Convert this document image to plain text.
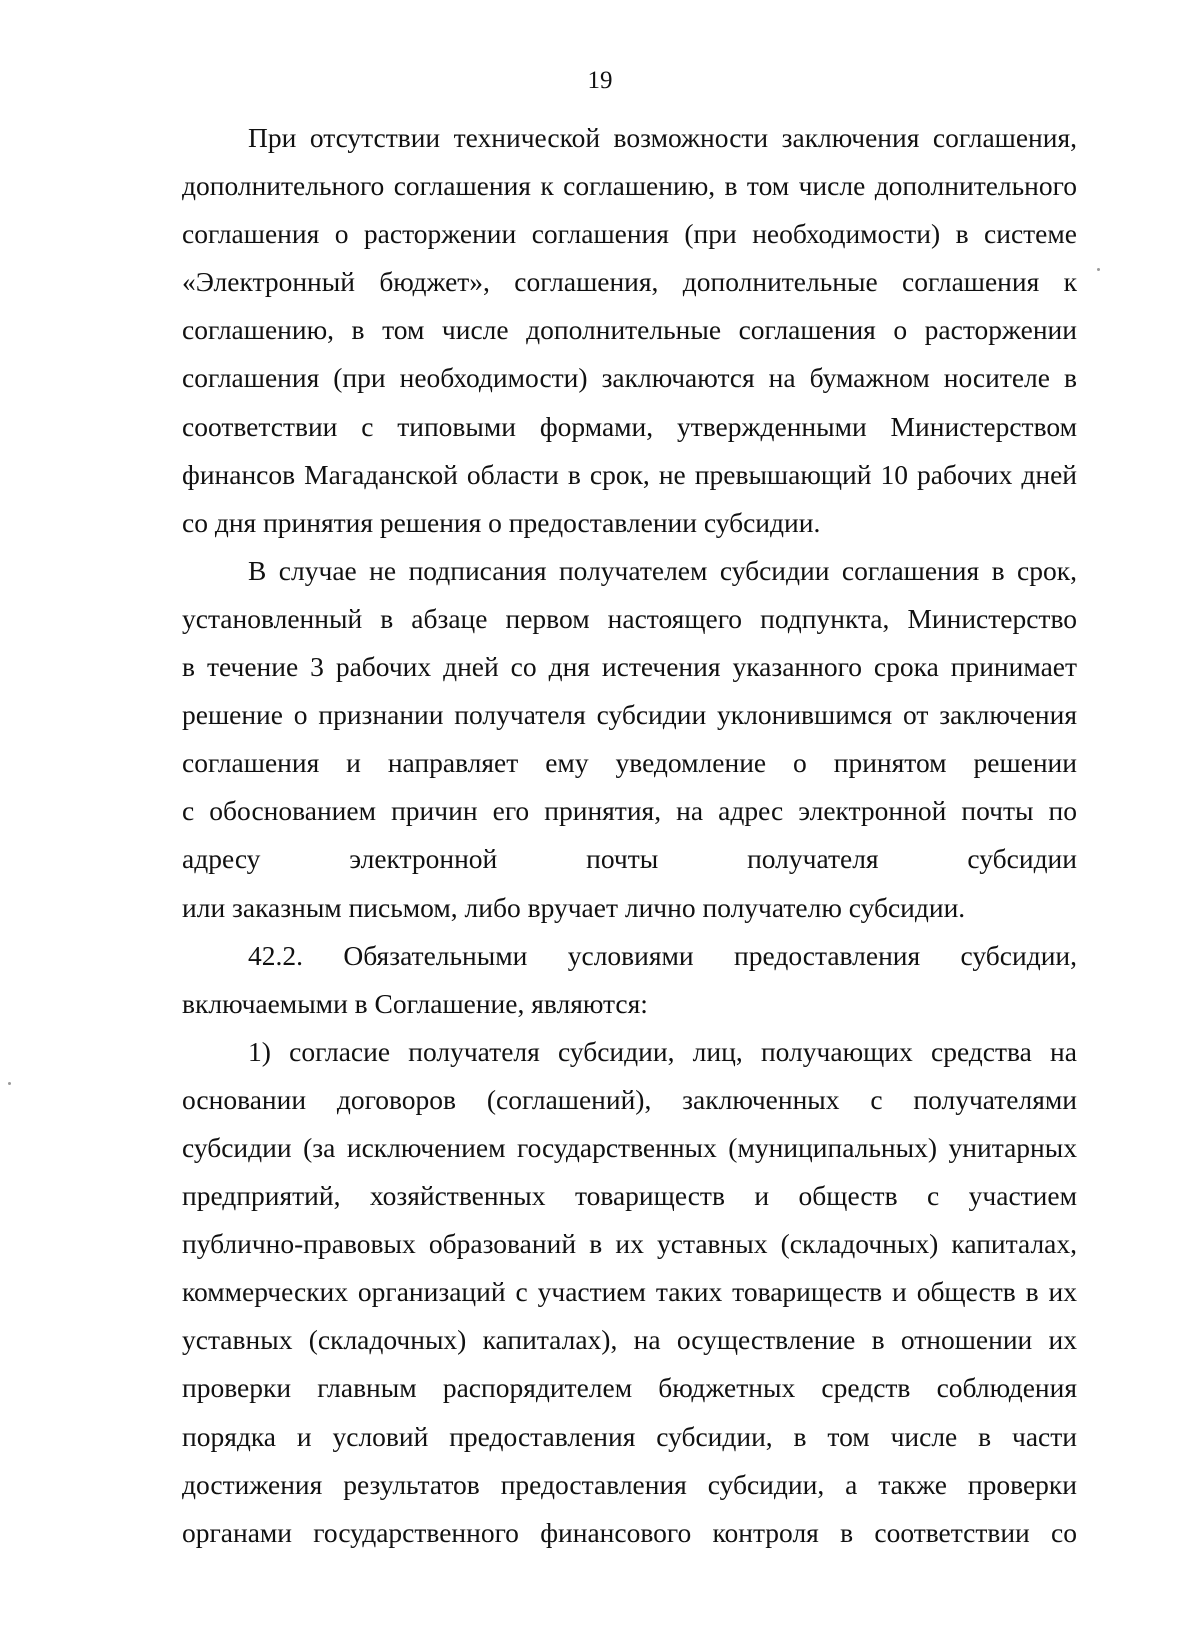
19
При отсутствии технической возможности заключения соглашения,
дополнительного соглашения к соглашению, в том числе дополнительного
соглашения о расторжении соглашения (при необходимости) в системе
«Электронный бюджет», соглашения, дополнительные соглашения к
соглашению, в том числе дополнительные соглашения о расторжении
соглашения (при необходимости) заключаются на бумажном носителе в
соответствии с типовыми формами, утвержденными Министерством
финансов Магаданской области в срок, не превышающий 10 рабочих дней
со дня принятия решения о предоставлении субсидии.
В случае не подписания получателем субсидии соглашения в срок,
установленный в абзаце первом настоящего подпункта, Министерство
в течение 3 рабочих дней со дня истечения указанного срока принимает
решение о признании получателя субсидии уклонившимся от заключения
соглашения и направляет ему уведомление о принятом решении
с обоснованием причин его принятия, на адрес электронной почты по
адресу электронной почты получателя субсидии
или заказным письмом, либо вручает лично получателю субсидии.
42.2. Обязательными условиями предоставления субсидии,
включаемыми в Соглашение, являются:
1) согласие получателя субсидии, лиц, получающих средства на
основании договоров (соглашений), заключенных с получателями
субсидии (за исключением государственных (муниципальных) унитарных
предприятий, хозяйственных товариществ и обществ с участием
публично-правовых образований в их уставных (складочных) капиталах,
коммерческих организаций с участием таких товариществ и обществ в их
уставных (складочных) капиталах), на осуществление в отношении их
проверки главным распорядителем бюджетных средств соблюдения
порядка и условий предоставления субсидии, в том числе в части
достижения результатов предоставления субсидии, а также проверки
органами государственного финансового контроля в соответствии со
